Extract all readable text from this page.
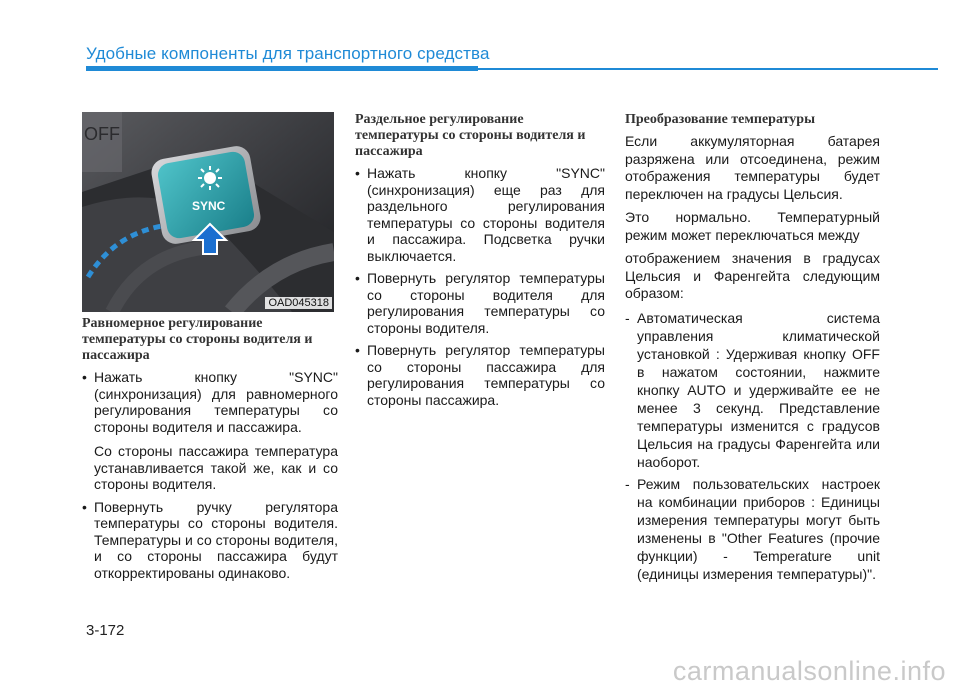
Удобные компоненты для транспортного средства
OFF
SYNC
OAD045318
Равномерное регулирование температуры со стороны водителя и пассажира
• Нажать кнопку "SYNC" (синхронизация) для равномерного регулирования температуры со стороны водителя и пассажира.

Со стороны пассажира температура устанавливается такой же, как и со стороны водителя.

• Повернуть ручку регулятора температуры со стороны водителя. Температуры и со стороны водителя, и со стороны пассажира будут откорректированы одинаково.

Раздельное регулирование температуры со стороны водителя и пассажира
• Нажать кнопку "SYNC" (синхронизация) еще раз для раздельного регулирования температуры со стороны водителя и пассажира. Подсветка ручки выключается.

• Повернуть регулятор температуры со стороны водителя для регулирования температуры со стороны водителя.

• Повернуть регулятор температуры со стороны пассажира для регулирования температуры со стороны пассажира.

Преобразование температуры

Если аккумуляторная батарея разряжена или отсоединена, режим отображения температуры будет переключен на градусы Цельсия.

Это нормально. Температурный режим может переключаться между

отображением значения в градусах Цельсия и Фаренгейта следующим образом:

- Автоматическая система управления климатической установкой : Удерживая кнопку OFF в нажатом состоянии, нажмите кнопку AUTO и удерживайте ее не менее 3 секунд. Представление температуры изменится с градусов Цельсия на градусы Фаренгейта или наоборот.
- Режим пользовательских настроек на комбинации приборов : Единицы измерения температуры могут быть изменены в "Other Features (прочие функции) - Temperature unit (единицы измерения температуры)".
3-172
carmanualsonline.info
